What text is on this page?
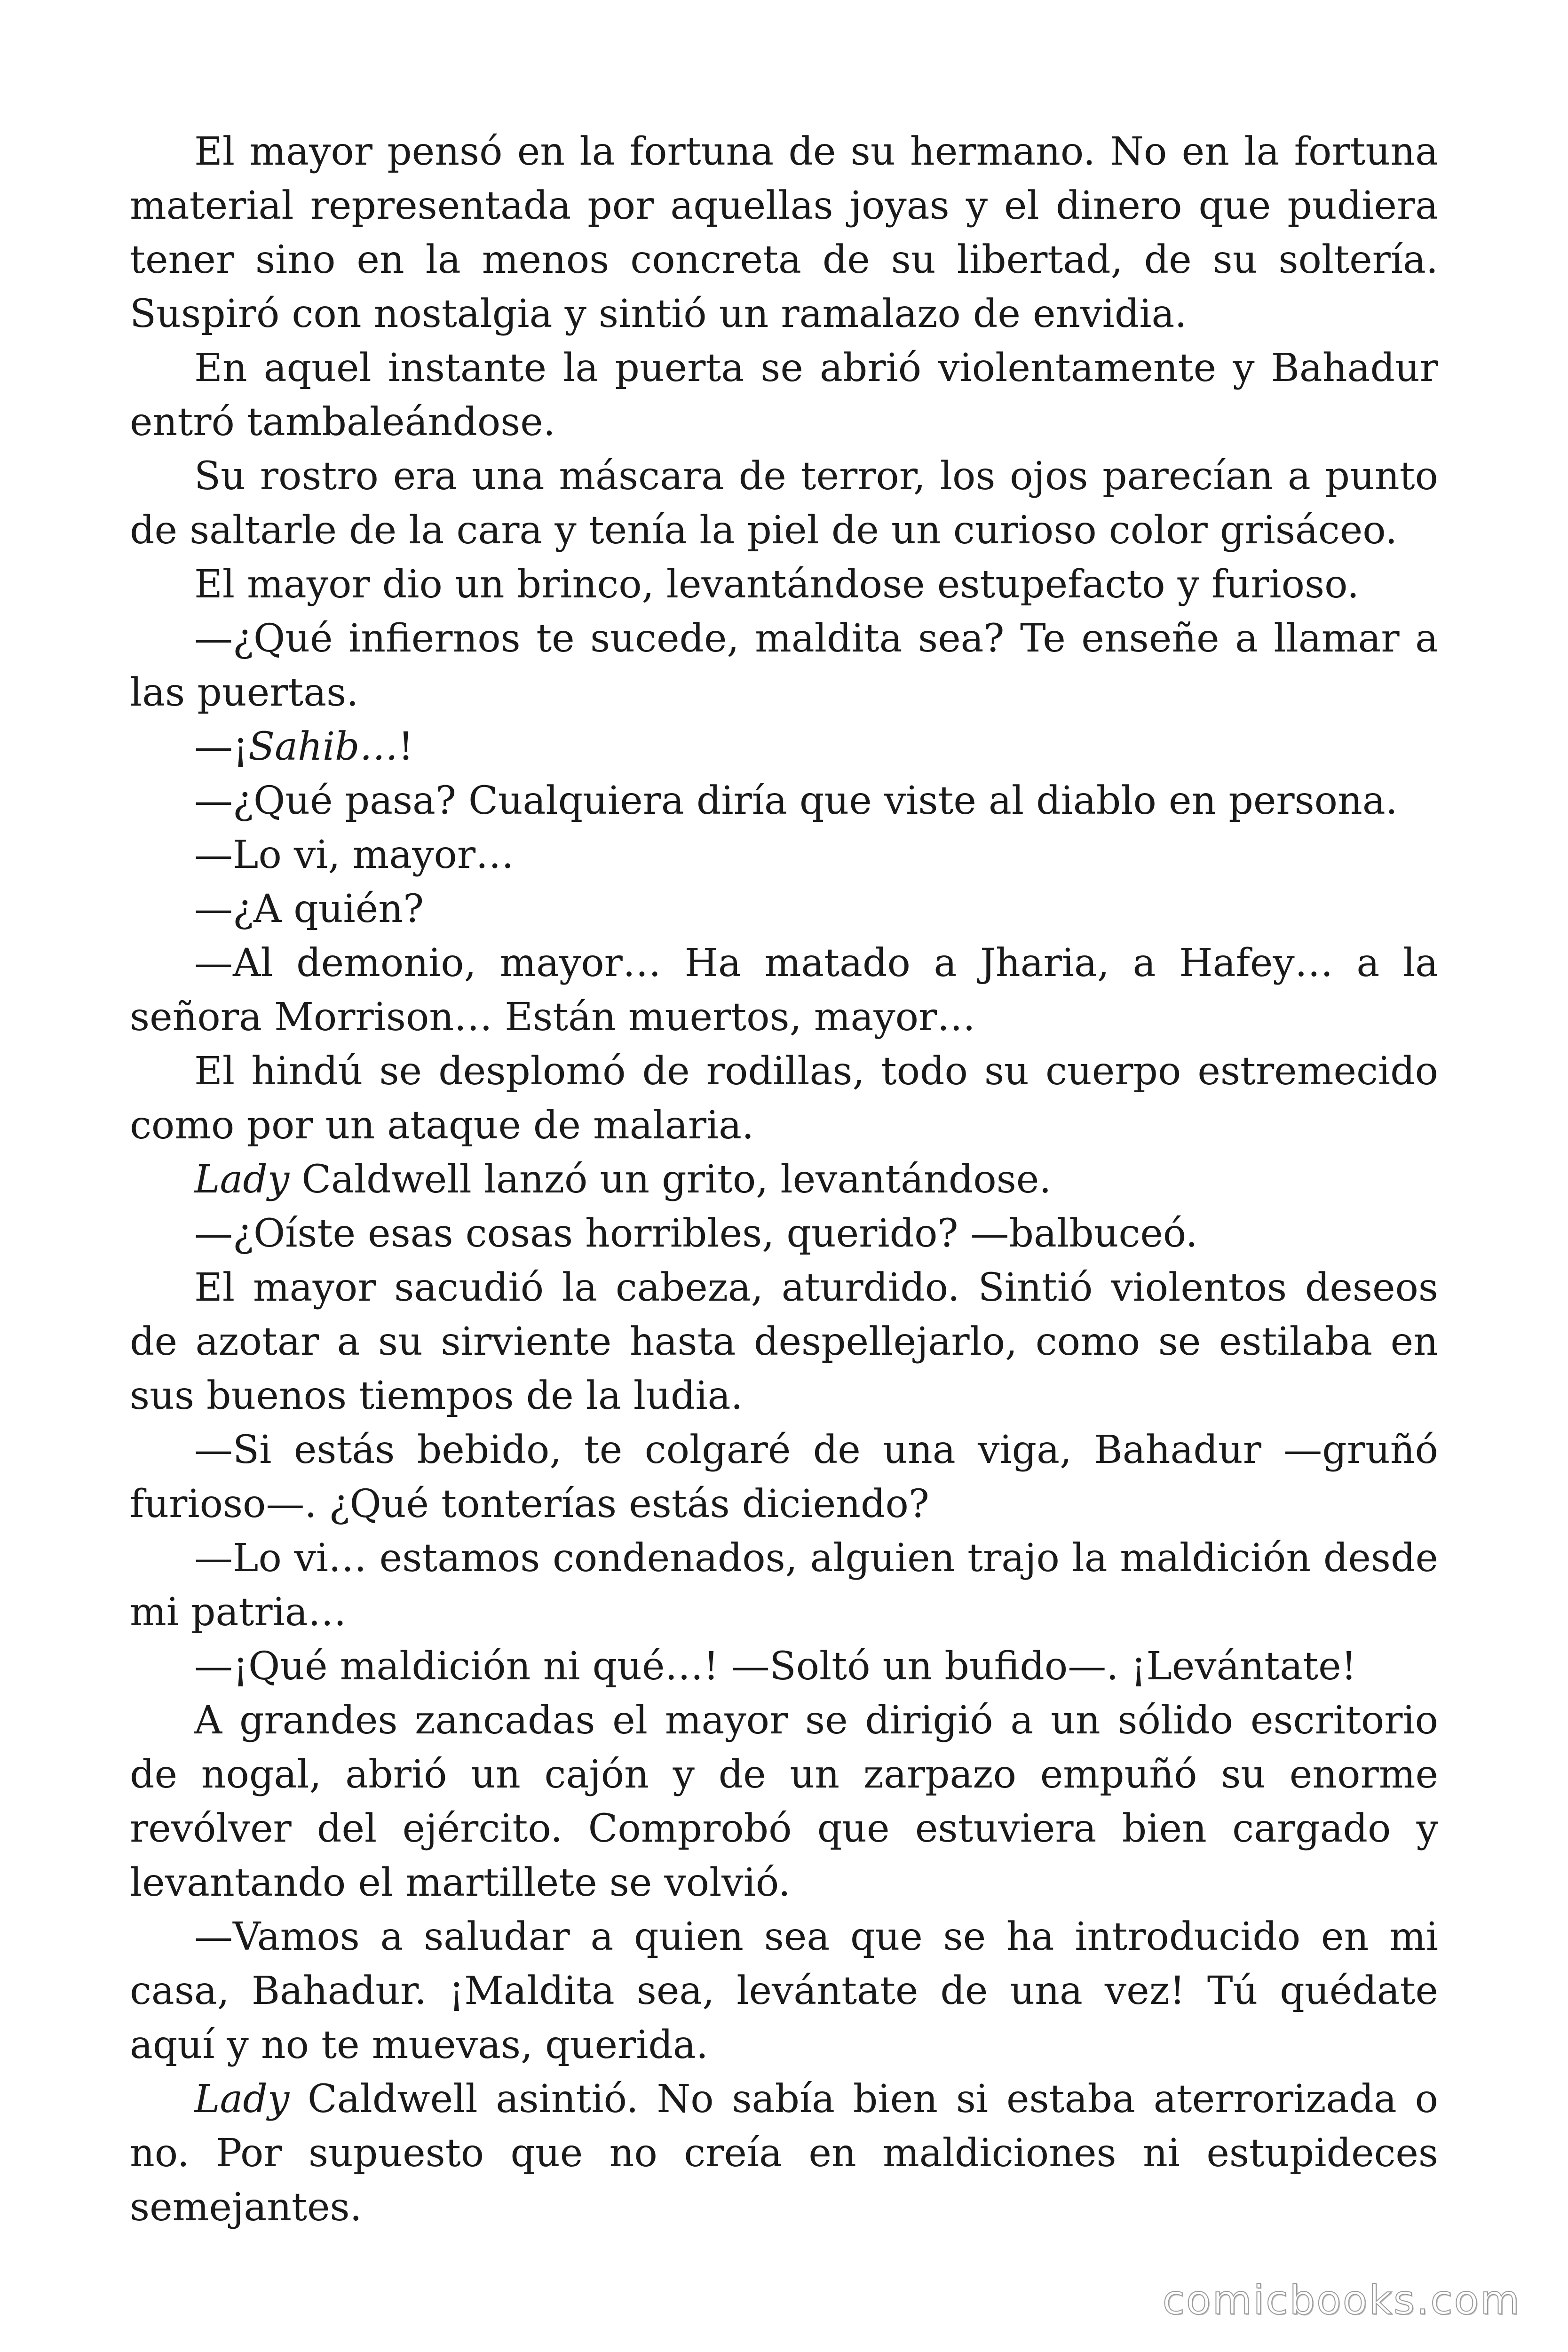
El mayor pensó en la fortuna de su hermano. No en la fortuna material representada por aquellas joyas y el dinero que pudiera tener sino en la menos concreta de su libertad, de su soltería. Suspiró con nostalgia y sintió un ramalazo de envidia.

En aquel instante la puerta se abrió violentamente y Bahadur entró tambaleándose.

Su rostro era una máscara de terror, los ojos parecían a punto de saltarle de la cara y tenía la piel de un curioso color grisáceo.

El mayor dio un brinco, levantándose estupefacto y furioso.

—¿Qué infiernos te sucede, maldita sea? Te enseñe a llamar a las puertas.

—¡Sahib…!

—¿Qué pasa? Cualquiera diría que viste al diablo en persona.

—Lo vi, mayor…

—¿A quién?

—Al demonio, mayor… Ha matado a Jharia, a Hafey… a la señora Morrison… Están muertos, mayor…

El hindú se desplomó de rodillas, todo su cuerpo estremecido como por un ataque de malaria.

Lady Caldwell lanzó un grito, levantándose.

—¿Oíste esas cosas horribles, querido? —balbuceó.

El mayor sacudió la cabeza, aturdido. Sintió violentos deseos de azotar a su sirviente hasta despellejarlo, como se estilaba en sus buenos tiempos de la ludia.

—Si estás bebido, te colgaré de una viga, Bahadur —gruñó furioso—. ¿Qué tonterías estás diciendo?

—Lo vi… estamos condenados, alguien trajo la maldición desde mi patria…

—¡Qué maldición ni qué…! —Soltó un bufido—. ¡Levántate!

A grandes zancadas el mayor se dirigió a un sólido escritorio de nogal, abrió un cajón y de un zarpazo empuñó su enorme revólver del ejército. Comprobó que estuviera bien cargado y levantando el martillete se volvió.

—Vamos a saludar a quien sea que se ha introducido en mi casa, Bahadur. ¡Maldita sea, levántate de una vez! Tú quédate aquí y no te muevas, querida.

Lady Caldwell asintió. No sabía bien si estaba aterrorizada o no. Por supuesto que no creía en maldiciones ni estupideces semejantes.

comicbooks.com
